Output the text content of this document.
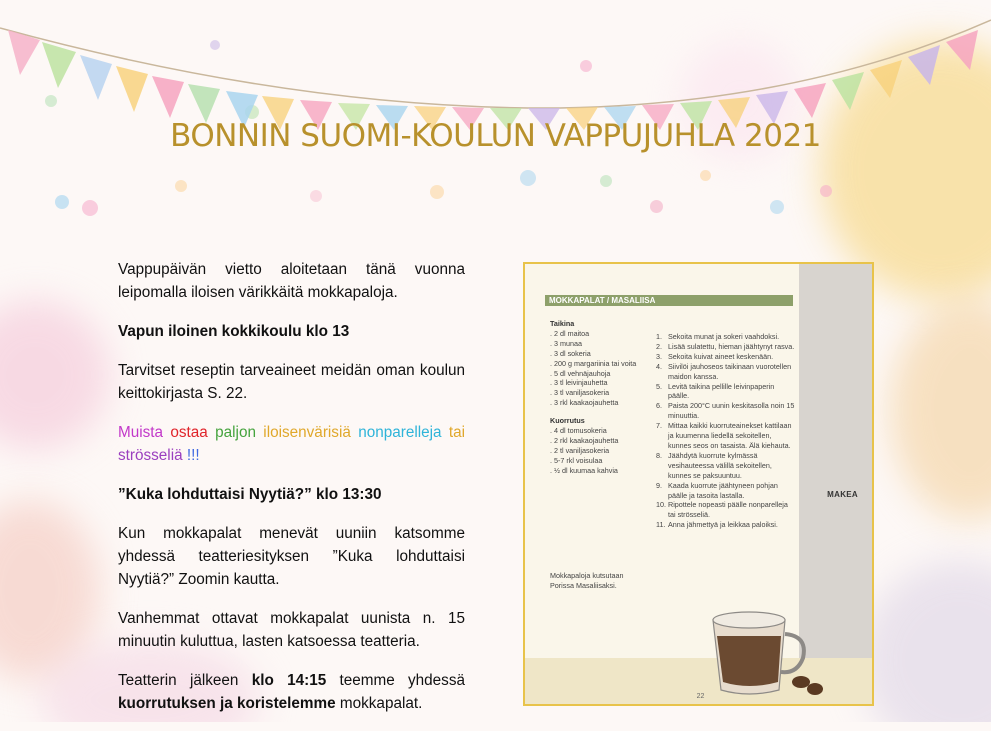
BONNIN SUOMI-KOULUN VAPPUJUHLA 2021

Vappupäivän vietto aloitetaan tänä vuonna leipomalla iloisen värikkäitä mokkapaloja.

Vapun iloinen kokkikoulu klo 13

Tarvitset reseptin tarveaineet meidän oman koulun keittokirjasta S. 22.

Muista ostaa paljon iloisenvärisiä nonparelleja tai strösseliä !!!

”Kuka lohduttaisi Nyytiä?” klo 13:30

Kun mokkapalat menevät uuniin katsomme yhdessä teatteriesityksen ”Kuka lohduttaisi Nyytiä?” Zoomin kautta.

Vanhemmat ottavat mokkapalat uunista n. 15 minuutin kuluttua, lasten katsoessa teatteria.

Teatterin jälkeen klo 14:15 teemme yhdessä kuorrutuksen ja koristelemme mokkapalat.

MAKEA
MOKKAPALAT / MASALIISA
Taikina
. 2 dl maitoa
. 3 munaa
. 3 dl sokeria
. 200 g margariinia tai voita
. 5 dl vehnäjauhoja
. 3 tl leivinjauhetta
. 3 tl vaniljasokeria
. 3 rkl kaakaojauhetta
Kuorrutus
. 4 dl tomusokeria
. 2 rkl kaakaojauhetta
. 2 tl vaniljasokeria
. 5-7 rkl voisulaa
. ½ dl kuumaa kahvia
Mokkapaloja kutsutaan Porissa Masaliisaksi.
1. Sekoita munat ja sokeri vaahdoksi.
2. Lisää sulatettu, hieman jäähtynyt rasva.
3. Sekoita kuivat aineet keskenään.
4. Siivilöi jauhoseos taikinaan vuorotellen maidon kanssa.
5. Levitä taikina pellille leivinpaperin päälle.
6. Paista 200°C uunin keskitasolla noin 15 minuuttia.
7. Mittaa kaikki kuorruteainekset kattilaan ja kuumenna liedellä sekoitellen, kunnes seos on tasaista. Älä kiehauta.
8. Jäähdytä kuorrute kylmässä vesihauteessa välillä sekoitellen, kunnes se paksuuntuu.
9. Kaada kuorrute jäähtyneen pohjan päälle ja tasoita lastalla.
10. Ripottele nopeasti päälle nonparelleja tai strösseliä.
11. Anna jähmettyä ja leikkaa paloiksi.
22
